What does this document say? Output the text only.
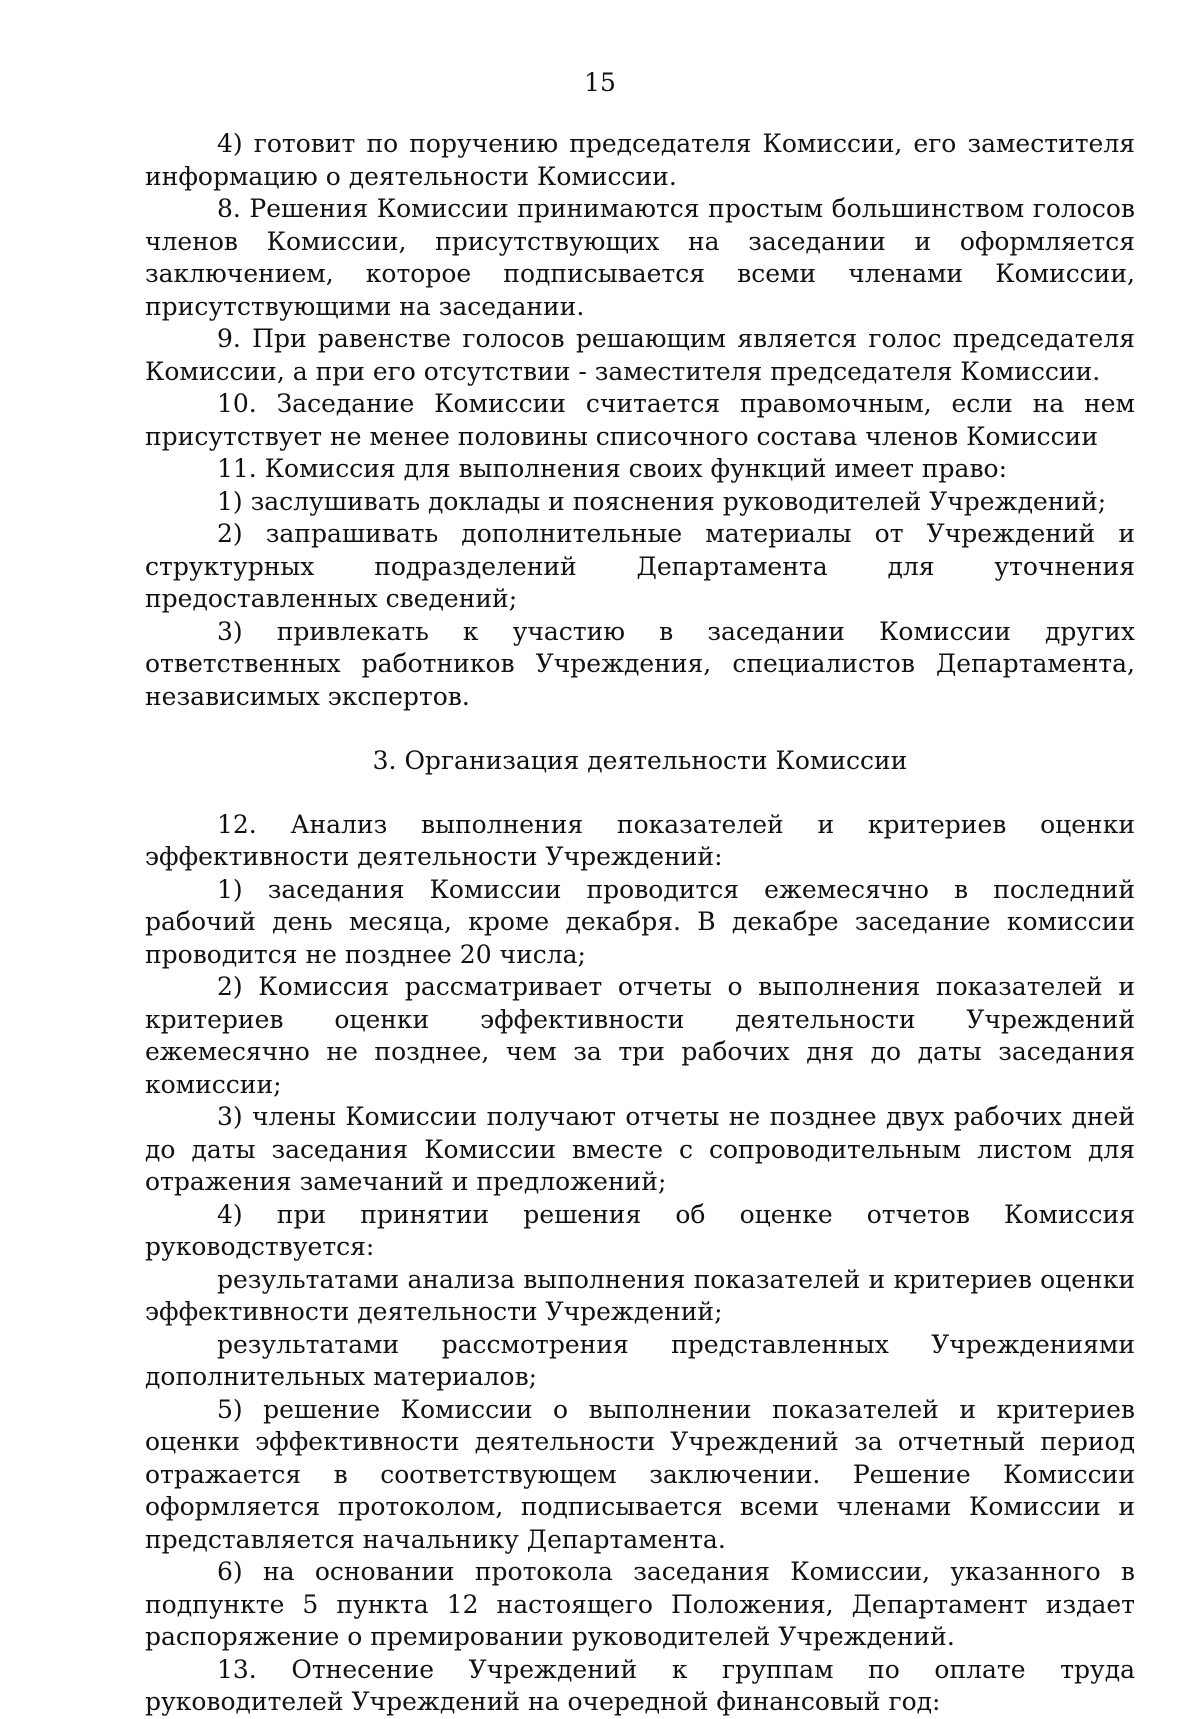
15

4) готовит по поручению председателя Комиссии, его заместителя информацию о деятельности Комиссии.

8. Решения Комиссии принимаются простым большинством голосов членов Комиссии, присутствующих на заседании и оформляется заключением, которое подписывается всеми членами Комиссии, присутствующими на заседании.

9. При равенстве голосов решающим является голос председателя Комиссии, а при его отсутствии - заместителя председателя Комиссии.

10. Заседание Комиссии считается правомочным, если на нем присутствует не менее половины списочного состава членов Комиссии

11. Комиссия для выполнения своих функций имеет право:

1) заслушивать доклады и пояснения руководителей Учреждений;

2) запрашивать дополнительные материалы от Учреждений и структурных подразделений Департамента для уточнения предоставленных сведений;

3) привлекать к участию в заседании Комиссии других ответственных работников Учреждения, специалистов Департамента, независимых экспертов.

3. Организация деятельности Комиссии

12. Анализ выполнения показателей и критериев оценки эффективности деятельности Учреждений:

1) заседания Комиссии проводится ежемесячно в последний рабочий день месяца, кроме декабря. В декабре заседание комиссии проводится не позднее 20 числа;

2) Комиссия рассматривает отчеты о выполнения показателей и критериев оценки эффективности деятельности Учреждений ежемесячно не позднее, чем за три рабочих дня до даты заседания комиссии;

3) члены Комиссии получают отчеты не позднее двух рабочих дней до даты заседания Комиссии вместе с сопроводительным листом для отражения замечаний и предложений;

4) при принятии решения об оценке отчетов Комиссия руководствуется:

результатами анализа выполнения показателей и критериев оценки эффективности деятельности Учреждений;

результатами рассмотрения представленных Учреждениями дополнительных материалов;

5) решение Комиссии о выполнении показателей и критериев оценки эффективности деятельности Учреждений за отчетный период отражается в соответствующем заключении. Решение Комиссии оформляется протоколом, подписывается всеми членами Комиссии и представляется начальнику Департамента.

6) на основании протокола заседания Комиссии, указанного в подпункте 5 пункта 12 настоящего Положения, Департамент издает распоряжение о премировании руководителей Учреждений.

13. Отнесение Учреждений к группам по оплате труда руководителей Учреждений на очередной финансовый год:
